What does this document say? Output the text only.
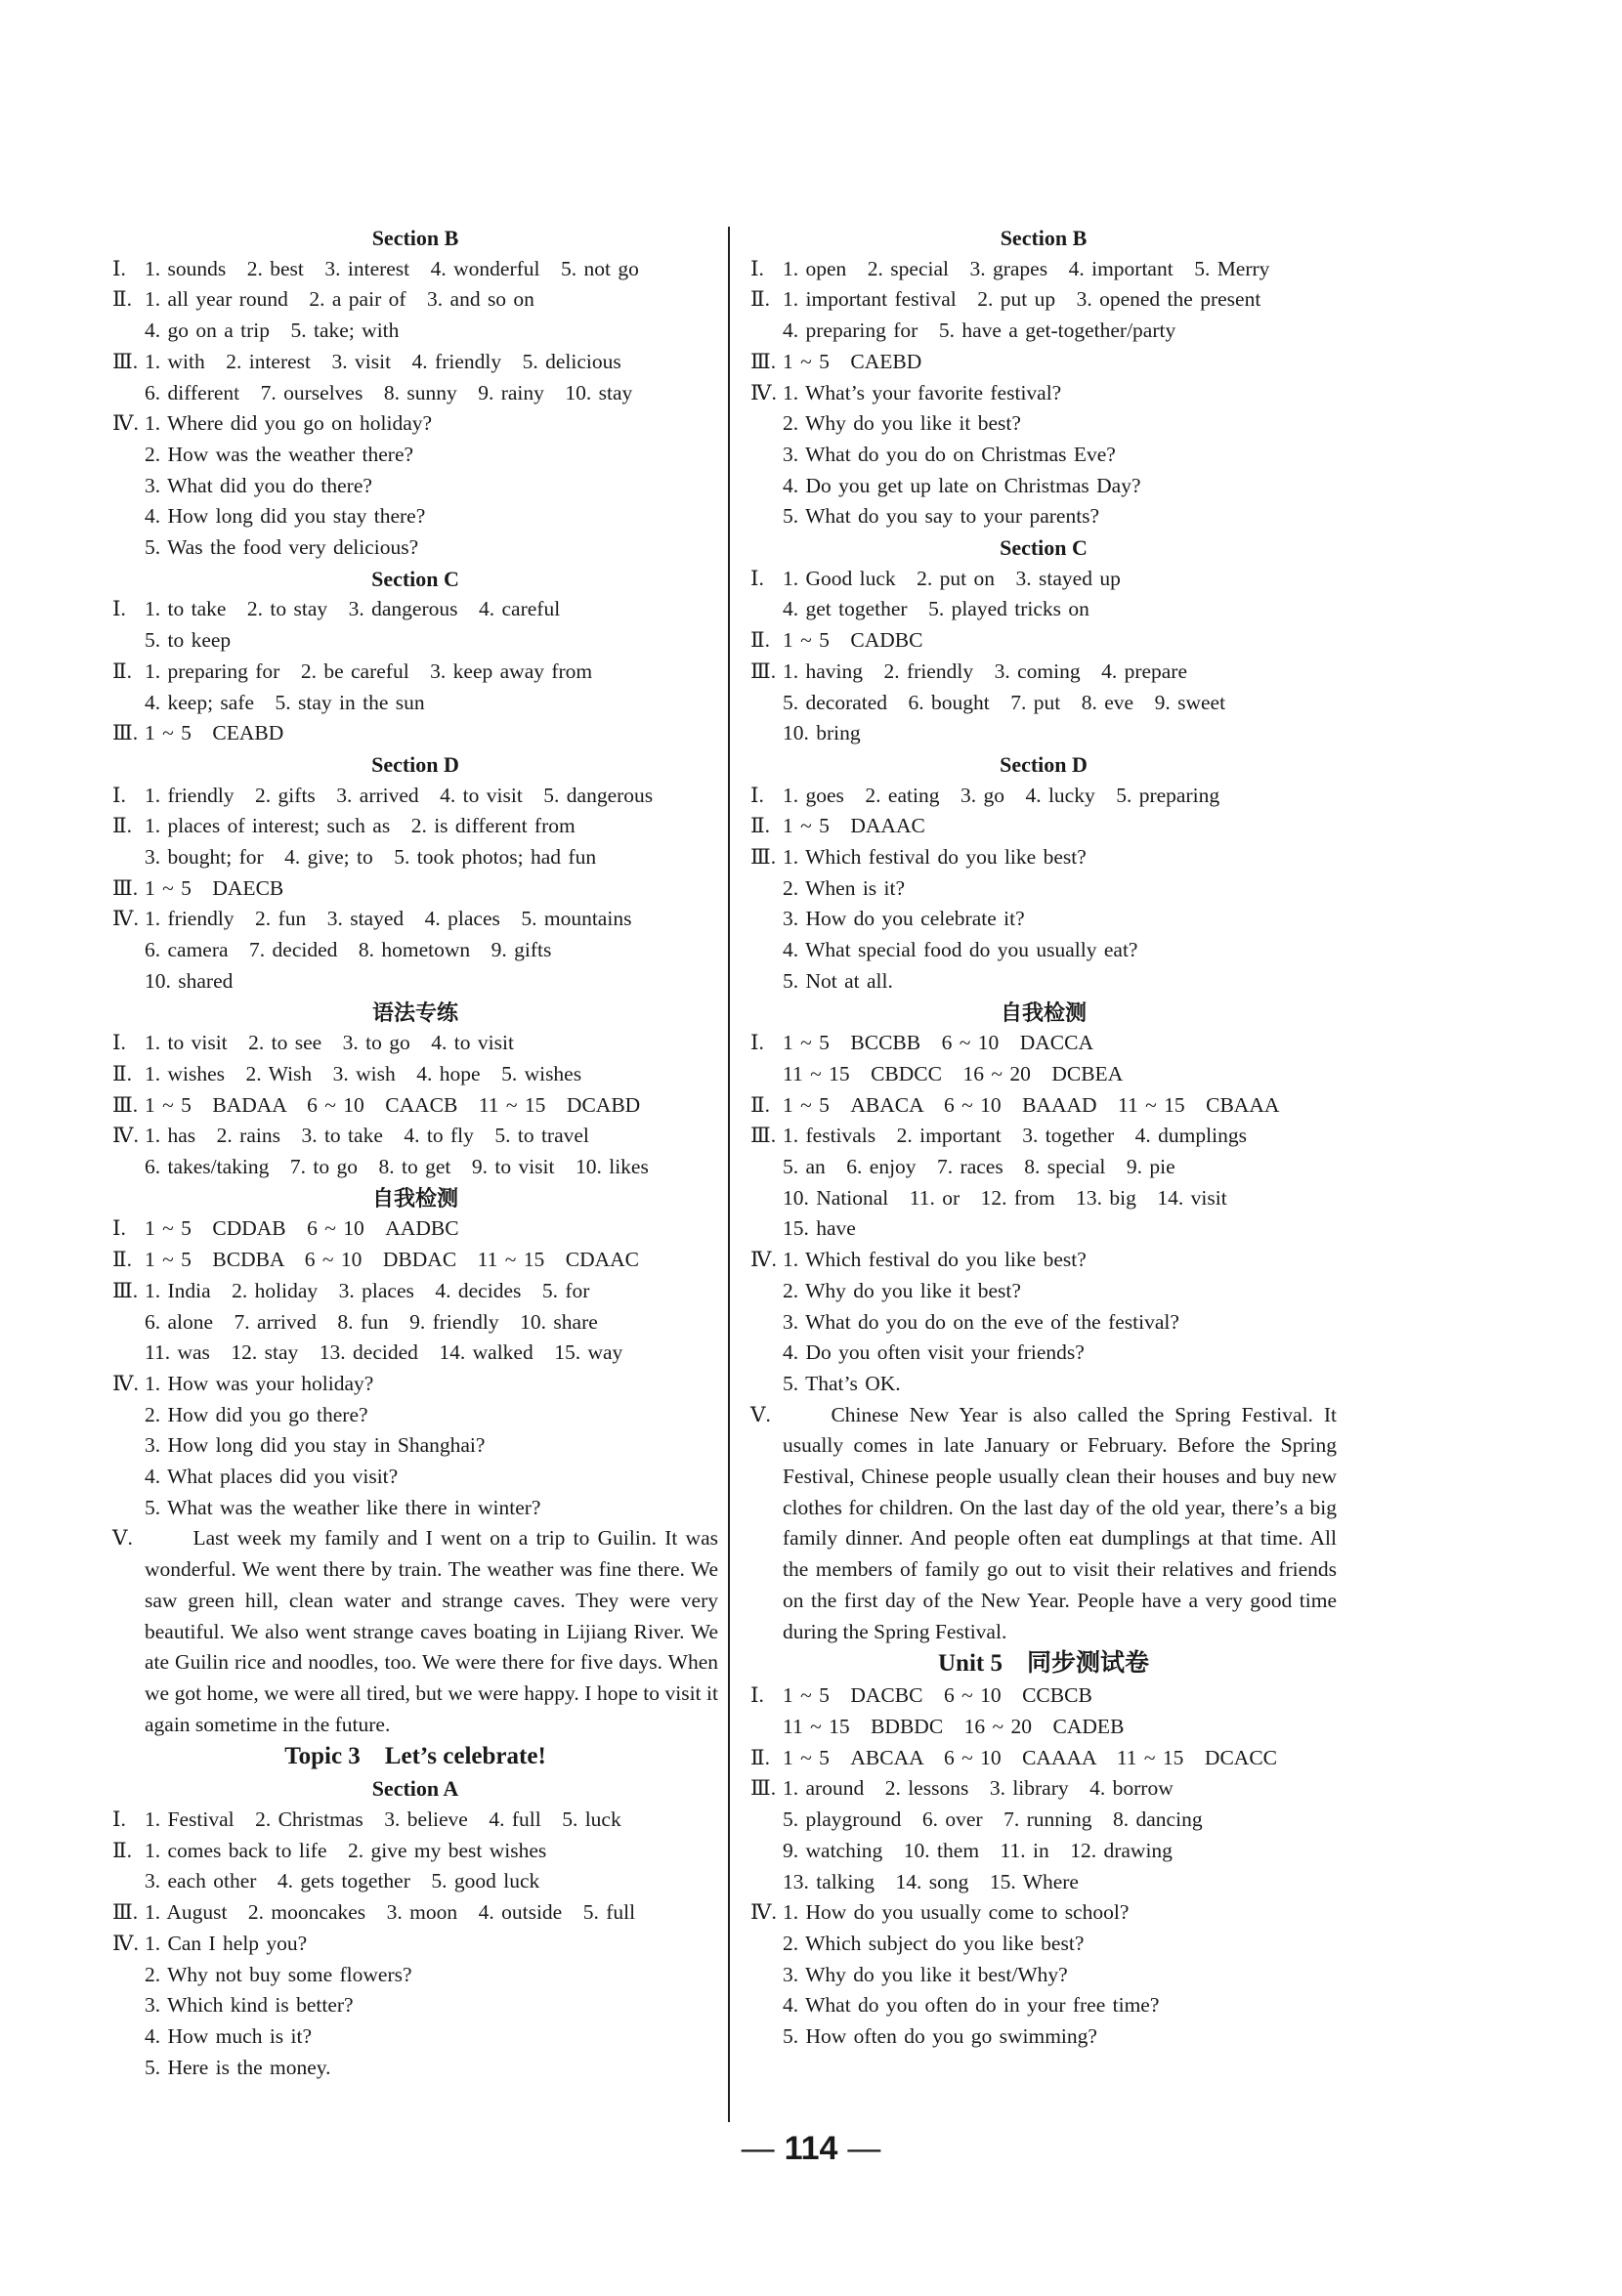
Section B
Ⅰ. 1. sounds　2. best　3. interest　4. wonderful　5. not go
Ⅱ. 1. all year round　2. a pair of　3. and so on
4. go on a trip　5. take; with
Ⅲ. 1. with　2. interest　3. visit　4. friendly　5. delicious
6. different　7. ourselves　8. sunny　9. rainy　10. stay
Ⅳ. 1. Where did you go on holiday?
2. How was the weather there?
3. What did you do there?
4. How long did you stay there?
5. Was the food very delicious?
Section C
Ⅰ. 1. to take　2. to stay　3. dangerous　4. careful
5. to keep
Ⅱ. 1. preparing for　2. be careful　3. keep away from
4. keep; safe　5. stay in the sun
Ⅲ. 1 ~ 5　CEABD
Section D
Ⅰ. 1. friendly　2. gifts　3. arrived　4. to visit　5. dangerous
Ⅱ. 1. places of interest; such as　2. is different from
3. bought; for　4. give; to　5. took photos; had fun
Ⅲ. 1 ~ 5　DAECB
Ⅳ. 1. friendly　2. fun　3. stayed　4. places　5. mountains
6. camera　7. decided　8. hometown　9. gifts
10. shared
语法专练
Ⅰ. 1. to visit　2. to see　3. to go　4. to visit
Ⅱ. 1. wishes　2. Wish　3. wish　4. hope　5. wishes
Ⅲ. 1 ~ 5　BADAA　6 ~ 10　CAACB　11 ~ 15　DCABD
Ⅳ. 1. has　2. rains　3. to take　4. to fly　5. to travel
6. takes/taking　7. to go　8. to get　9. to visit　10. likes
自我检测
Ⅰ. 1 ~ 5　CDDAB　6 ~ 10　AADBC
Ⅱ. 1 ~ 5　BCDBA　6 ~ 10　DBDAC　11 ~ 15　CDAAC
Ⅲ. 1. India　2. holiday　3. places　4. decides　5. for
6. alone　7. arrived　8. fun　9. friendly　10. share
11. was　12. stay　13. decided　14. walked　15. way
Ⅳ. 1. How was your holiday?
2. How did you go there?
3. How long did you stay in Shanghai?
4. What places did you visit?
5. What was the weather like there in winter?
Ⅴ.	Last week my family and I went on a trip to Guilin. It was wonderful. We went there by train. The weather was fine there. We saw green hill, clean water and strange caves. They were very beautiful. We also went strange caves boating in Lijiang River. We ate Guilin rice and noodles, too. We were there for five days. When we got home, we were all tired, but we were happy. I hope to visit it again sometime in the future.
Topic 3　Let’s celebrate!
Section A
Ⅰ. 1. Festival　2. Christmas　3. believe　4. full　5. luck
Ⅱ. 1. comes back to life　2. give my best wishes
3. each other　4. gets together　5. good luck
Ⅲ. 1. August　2. mooncakes　3. moon　4. outside　5. full
Ⅳ. 1. Can I help you?
2. Why not buy some flowers?
3. Which kind is better?
4. How much is it?
5. Here is the money.
Section B
Ⅰ. 1. open　2. special　3. grapes　4. important　5. Merry
Ⅱ. 1. important festival　2. put up　3. opened the present
4. preparing for　5. have a get-together/party
Ⅲ. 1 ~ 5　CAEBD
Ⅳ. 1. What’s your favorite festival?
2. Why do you like it best?
3. What do you do on Christmas Eve?
4. Do you get up late on Christmas Day?
5. What do you say to your parents?
Section C
Ⅰ. 1. Good luck　2. put on　3. stayed up
4. get together　5. played tricks on
Ⅱ. 1 ~ 5　CADBC
Ⅲ. 1. having　2. friendly　3. coming　4. prepare
5. decorated　6. bought　7. put　8. eve　9. sweet
10. bring
Section D
Ⅰ. 1. goes　2. eating　3. go　4. lucky　5. preparing
Ⅱ. 1 ~ 5　DAAAC
Ⅲ. 1. Which festival do you like best?
2. When is it?
3. How do you celebrate it?
4. What special food do you usually eat?
5. Not at all.
自我检测
Ⅰ. 1 ~ 5　BCCBB　6 ~ 10　DACCA
11 ~ 15　CBDCC　16 ~ 20　DCBEA
Ⅱ. 1 ~ 5　ABACA　6 ~ 10　BAAAD　11 ~ 15　CBAAA
Ⅲ. 1. festivals　2. important　3. together　4. dumplings
5. an　6. enjoy　7. races　8. special　9. pie
10. National　11. or　12. from　13. big　14. visit
15. have
Ⅳ. 1. Which festival do you like best?
2. Why do you like it best?
3. What do you do on the eve of the festival?
4. Do you often visit your friends?
5. That’s OK.
Ⅴ.	Chinese New Year is also called the Spring Festival. It usually comes in late January or February. Before the Spring Festival, Chinese people usually clean their houses and buy new clothes for children. On the last day of the old year, there’s a big family dinner. And people often eat dumplings at that time. All the members of family go out to visit their relatives and friends on the first day of the New Year. People have a very good time during the Spring Festival.
Unit 5　同步测试卷
Ⅰ. 1 ~ 5　DACBC　6 ~ 10　CCBCB
11 ~ 15　BDBDC　16 ~ 20　CADEB
Ⅱ. 1 ~ 5　ABCAA　6 ~ 10　CAAAA　11 ~ 15　DCACC
Ⅲ. 1. around　2. lessons　3. library　4. borrow
5. playground　6. over　7. running　8. dancing
9. watching　10. them　11. in　12. drawing
13. talking　14. song　15. Where
Ⅳ. 1. How do you usually come to school?
2. Which subject do you like best?
3. Why do you like it best/Why?
4. What do you often do in your free time?
5. How often do you go swimming?
— 114 —
